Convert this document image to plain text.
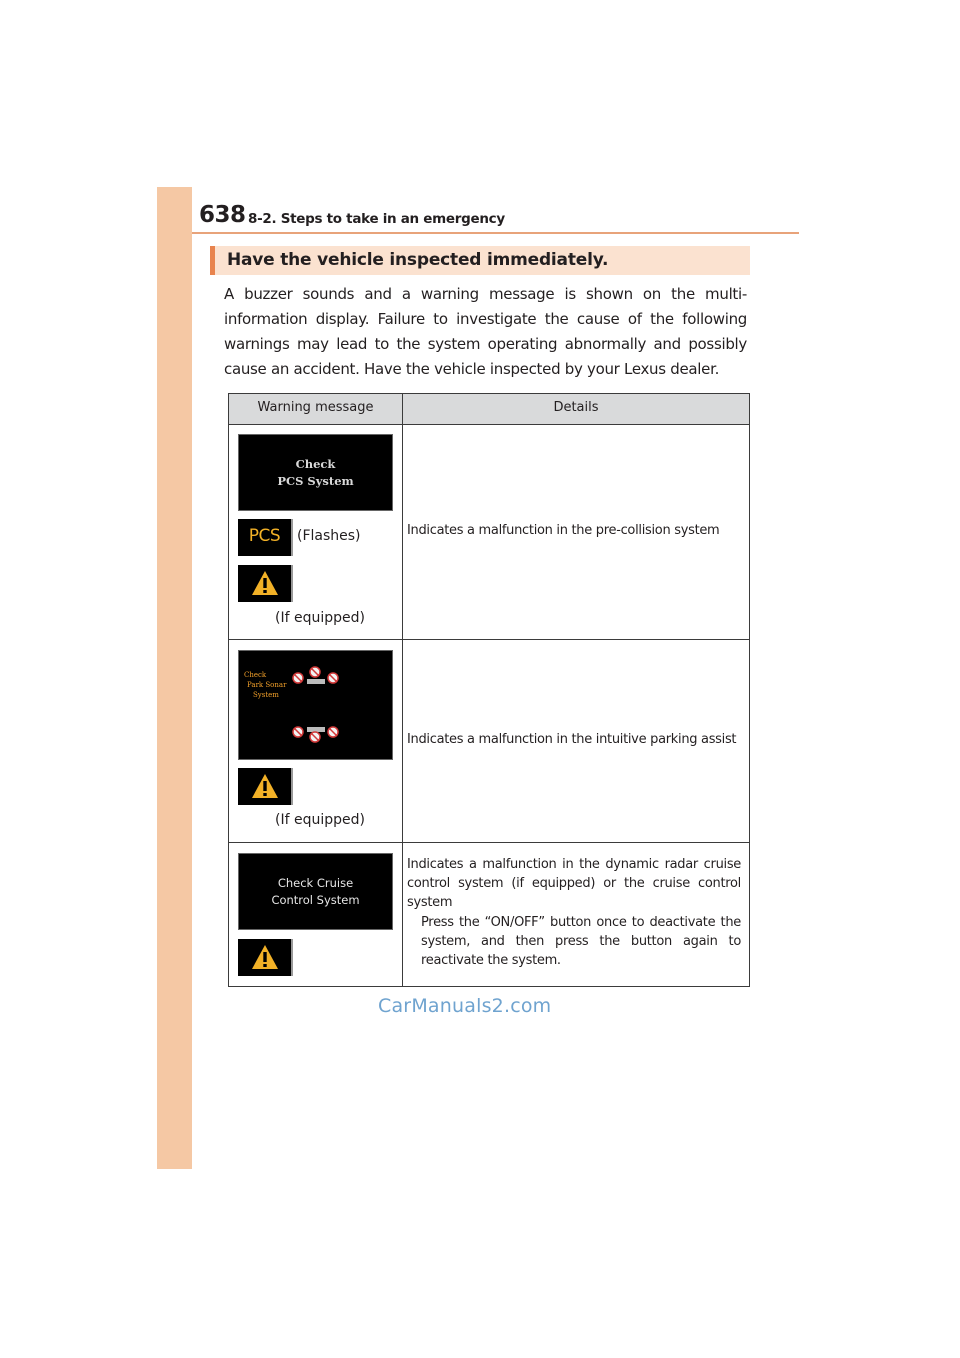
638 8-2. Steps to take in an emergency
Have the vehicle inspected immediately.
A buzzer sounds and a warning message is shown on the multi-information display. Failure to investigate the cause of the following warnings may lead to the system operating abnormally and possibly cause an accident. Have the vehicle inspected by your Lexus dealer.
Warning message	Details
Check
PCS System
PCS	(Flashes)
(If equipped)
Indicates a malfunction in the pre-collision system
Check
Park Sonar
System
(If equipped)
Indicates a malfunction in the intuitive parking assist
Check Cruise
Control System
Indicates a malfunction in the dynamic radar cruise control system (if equipped) or the cruise control system
Press the “ON/OFF” button once to deactivate the system, and then press the button again to reactivate the system.
CarManuals2.com
